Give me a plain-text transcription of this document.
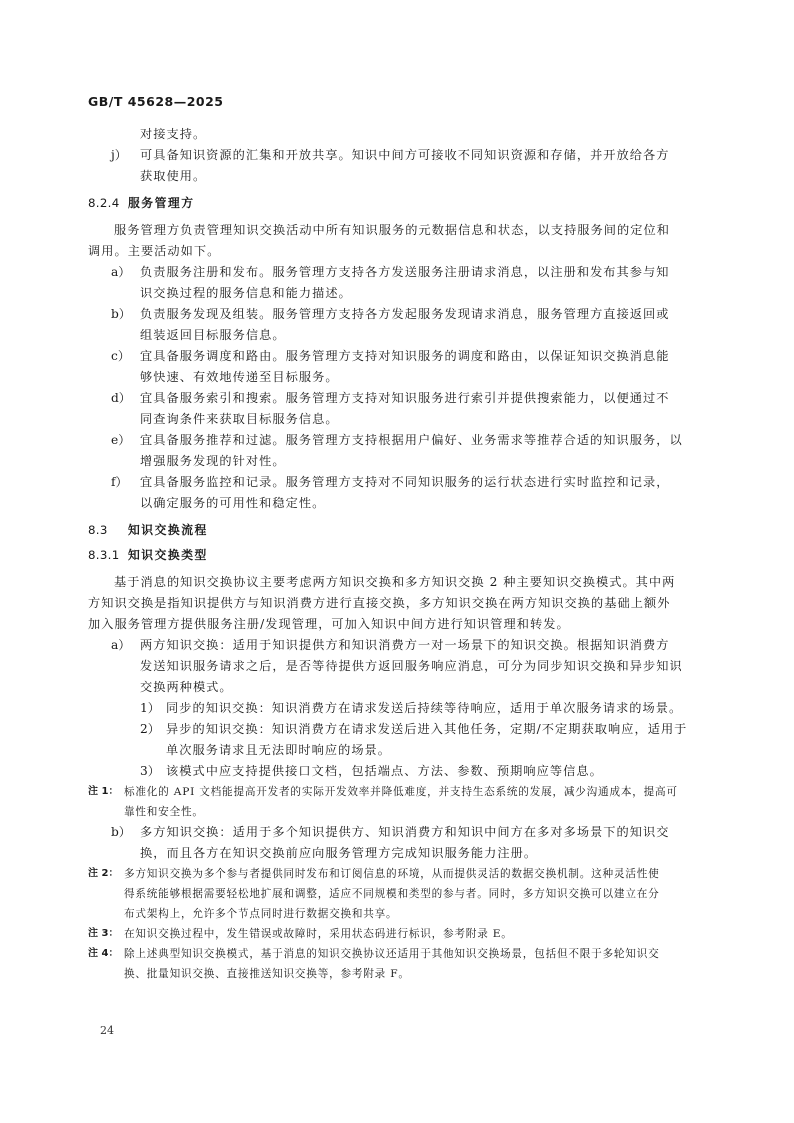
GB/T 45628—2025
对接支持。
j）	可具备知识资源的汇集和开放共享。知识中间方可接收不同知识资源和存储，并开放给各方
获取使用。
8.2.4 服务管理方
服务管理方负责管理知识交换活动中所有知识服务的元数据信息和状态，以支持服务间的定位和
调用。主要活动如下。
a） 负责服务注册和发布。服务管理方支持各方发送服务注册请求消息，以注册和发布其参与知
识交换过程的服务信息和能力描述。
b） 负责服务发现及组装。服务管理方支持各方发起服务发现请求消息，服务管理方直接返回或
组装返回目标服务信息。
c） 宜具备服务调度和路由。服务管理方支持对知识服务的调度和路由，以保证知识交换消息能
够快速、有效地传递至目标服务。
d） 宜具备服务索引和搜索。服务管理方支持对知识服务进行索引并提供搜索能力，以便通过不
同查询条件来获取目标服务信息。
e） 宜具备服务推荐和过滤。服务管理方支持根据用户偏好、业务需求等推荐合适的知识服务，以
增强服务发现的针对性。
f）	宜具备服务监控和记录。服务管理方支持对不同知识服务的运行状态进行实时监控和记录，
以确定服务的可用性和稳定性。
8.3 知识交换流程
8.3.1 知识交换类型
基于消息的知识交换协议主要考虑两方知识交换和多方知识交换 2 种主要知识交换模式。其中两
方知识交换是指知识提供方与知识消费方进行直接交换，多方知识交换在两方知识交换的基础上额外
加入服务管理方提供服务注册/发现管理，可加入知识中间方进行知识管理和转发。
a） 两方知识交换：适用于知识提供方和知识消费方一对一场景下的知识交换。根据知识消费方
发送知识服务请求之后，是否等待提供方返回服务响应消息，可分为同步知识交换和异步知识
交换两种模式。
1） 同步的知识交换：知识消费方在请求发送后持续等待响应，适用于单次服务请求的场景。
2） 异步的知识交换：知识消费方在请求发送后进入其他任务，定期/不定期获取响应，适用于
单次服务请求且无法即时响应的场景。
3） 该模式中应支持提供接口文档，包括端点、方法、参数、预期响应等信息。
注 1： 标准化的 API 文档能提高开发者的实际开发效率并降低难度，并支持生态系统的发展，减少沟通成本，提高可
靠性和安全性。
b） 多方知识交换：适用于多个知识提供方、知识消费方和知识中间方在多对多场景下的知识交
换，而且各方在知识交换前应向服务管理方完成知识服务能力注册。
注 2： 多方知识交换为多个参与者提供同时发布和订阅信息的环境，从而提供灵活的数据交换机制。这种灵活性使
得系统能够根据需要轻松地扩展和调整，适应不同规模和类型的参与者。同时，多方知识交换可以建立在分
布式架构上，允许多个节点同时进行数据交换和共享。
注 3： 在知识交换过程中，发生错误或故障时，采用状态码进行标识，参考附录 E。
注 4： 除上述典型知识交换模式，基于消息的知识交换协议还适用于其他知识交换场景，包括但不限于多轮知识交
换、批量知识交换、直接推送知识交换等，参考附录 F。
24
